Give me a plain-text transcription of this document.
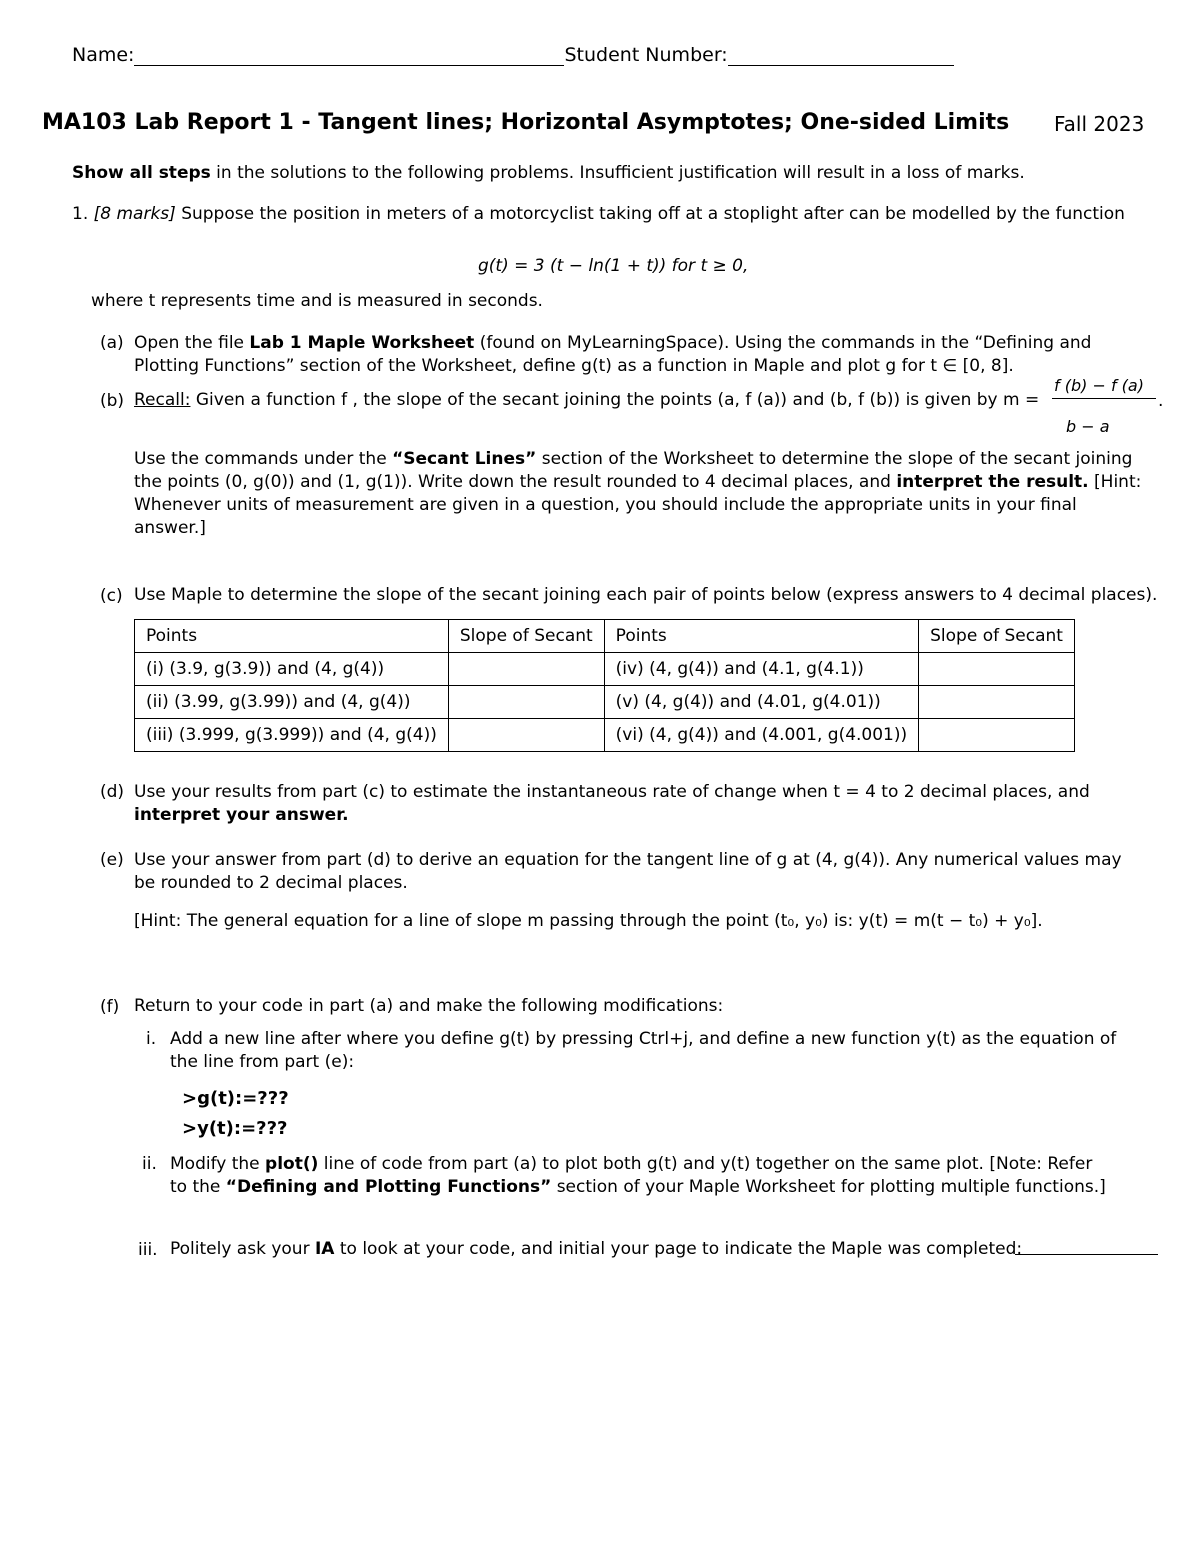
Name:	Student Number:
MA103 Lab Report 1 - Tangent lines; Horizontal Asymptotes; One-sided Limits Fall 2023
Show all steps in the solutions to the following problems. Insufficient justification will result in a loss of marks.
1. [8 marks] Suppose the position in meters of a motorcyclist taking off at a stoplight after can be modelled by the function
g(t) = 3 (t − ln(1 + t)) for t ≥ 0,
where t represents time and is measured in seconds.
(a) Open the file Lab 1 Maple Worksheet (found on MyLearningSpace). Using the commands in the “Defining and
Plotting Functions” section of the Worksheet, define g(t) as a function in Maple and plot g for t ∈ [0, 8].
(b) Recall: Given a function f , the slope of the secant joining the points (a, f (a)) and (b, f (b)) is given by m =
f (b) − f (a)
b − a
.
Use the commands under the “Secant Lines” section of the Worksheet to determine the slope of the secant joining
the points (0, g(0)) and (1, g(1)). Write down the result rounded to 4 decimal places, and interpret the result. [Hint:
Whenever units of measurement are given in a question, you should include the appropriate units in your final answer.]
(c) Use Maple to determine the slope of the secant joining each pair of points below (express answers to 4 decimal places).
Points	Slope of Secant	Points	Slope of Secant
(i) (3.9, g(3.9)) and (4, g(4))		(iv) (4, g(4)) and (4.1, g(4.1))	
(ii) (3.99, g(3.99)) and (4, g(4))		(v) (4, g(4)) and (4.01, g(4.01))	
(iii) (3.999, g(3.999)) and (4, g(4))		(vi) (4, g(4)) and (4.001, g(4.001))	
(d) Use your results from part (c) to estimate the instantaneous rate of change when t = 4 to 2 decimal places, and
interpret your answer.
(e) Use your answer from part (d) to derive an equation for the tangent line of g at (4, g(4)). Any numerical values may
be rounded to 2 decimal places.
[Hint: The general equation for a line of slope m passing through the point (t₀, y₀) is: y(t) = m(t − t₀) + y₀].
(f) Return to your code in part (a) and make the following modifications:
i. Add a new line after where you define g(t) by pressing Ctrl+j, and define a new function y(t) as the equation of
the line from part (e):
>g(t):=???
>y(t):=???
ii. Modify the plot() line of code from part (a) to plot both g(t) and y(t) together on the same plot. [Note: Refer
to the “Defining and Plotting Functions” section of your Maple Worksheet for plotting multiple functions.]
iii. Politely ask your IA to look at your code, and initial your page to indicate the Maple was completed:
